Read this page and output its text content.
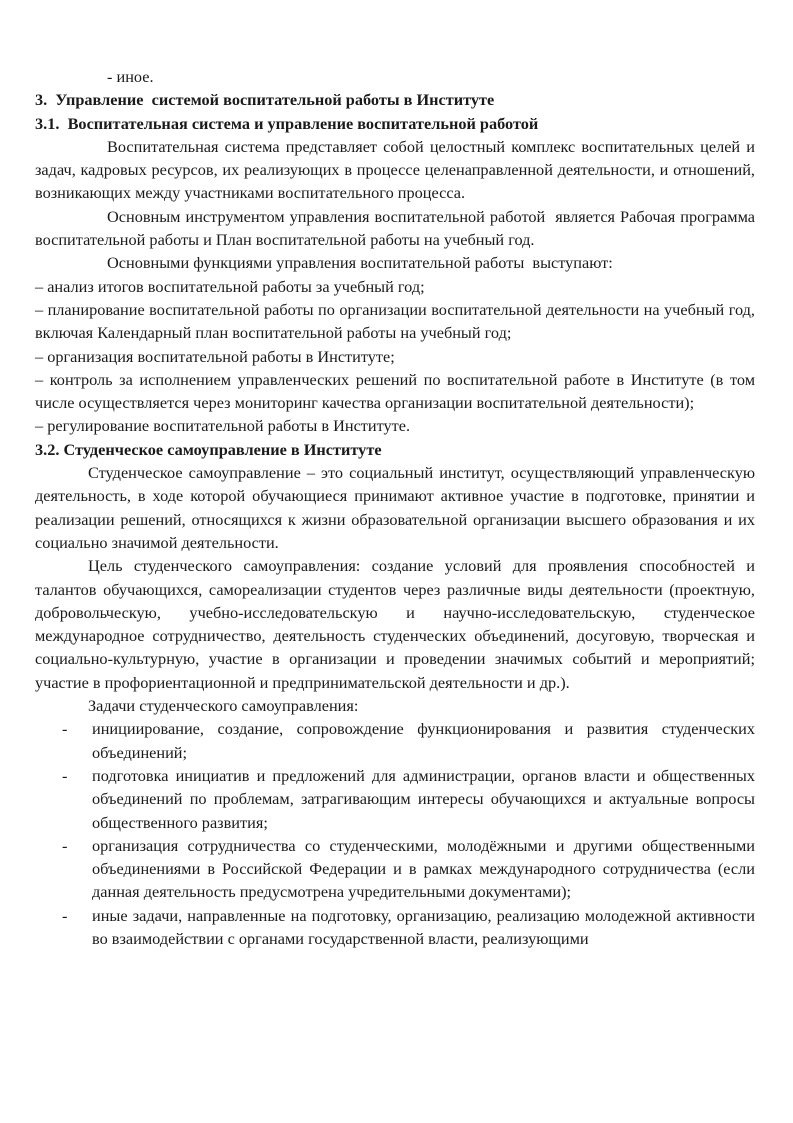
- иное.

3.  Управление  системой воспитательной работы в Институте

3.1.  Воспитательная система и управление воспитательной работой

Воспитательная система представляет собой целостный комплекс воспитательных целей и задач, кадровых ресурсов, их реализующих в процессе целенаправленной деятельности, и отношений, возникающих между участниками воспитательного процесса.

Основным инструментом управления воспитательной работой  является Рабочая программа воспитательной работы и План воспитательной работы на учебный год.

Основными функциями управления воспитательной работы  выступают:

– анализ итогов воспитательной работы за учебный год;

– планирование воспитательной работы по организации воспитательной деятельности на учебный год, включая Календарный план воспитательной работы на учебный год;

– организация воспитательной работы в Институте;

– контроль за исполнением управленческих решений по воспитательной работе в Институте (в том числе осуществляется через мониторинг качества организации воспитательной деятельности);

– регулирование воспитательной работы в Институте.

3.2. Студенческое самоуправление в Институте

Студенческое самоуправление – это социальный институт, осуществляющий управленческую деятельность, в ходе которой обучающиеся принимают активное участие в подготовке, принятии и реализации решений, относящихся к жизни образовательной организации высшего образования и их социально значимой деятельности.

Цель студенческого самоуправления: создание условий для проявления способностей и талантов обучающихся, самореализации студентов через различные виды деятельности (проектную, добровольческую, учебно-исследовательскую и научно-исследовательскую, студенческое международное сотрудничество, деятельность студенческих объединений, досуговую, творческая и социально-культурную, участие в организации и проведении значимых событий и мероприятий; участие в профориентационной и предпринимательской деятельности и др.).

Задачи студенческого самоуправления:

- инициирование, создание, сопровождение функционирования и развития студенческих объединений;
- подготовка инициатив и предложений для администрации, органов власти и общественных объединений по проблемам, затрагивающим интересы обучающихся и актуальные вопросы общественного развития;
- организация сотрудничества со студенческими, молодёжными и другими общественными объединениями в Российской Федерации и в рамках международного сотрудничества (если данная деятельность предусмотрена учредительными документами);
- иные задачи, направленные на подготовку, организацию, реализацию молодежной активности во взаимодействии с органами государственной власти, реализующими
